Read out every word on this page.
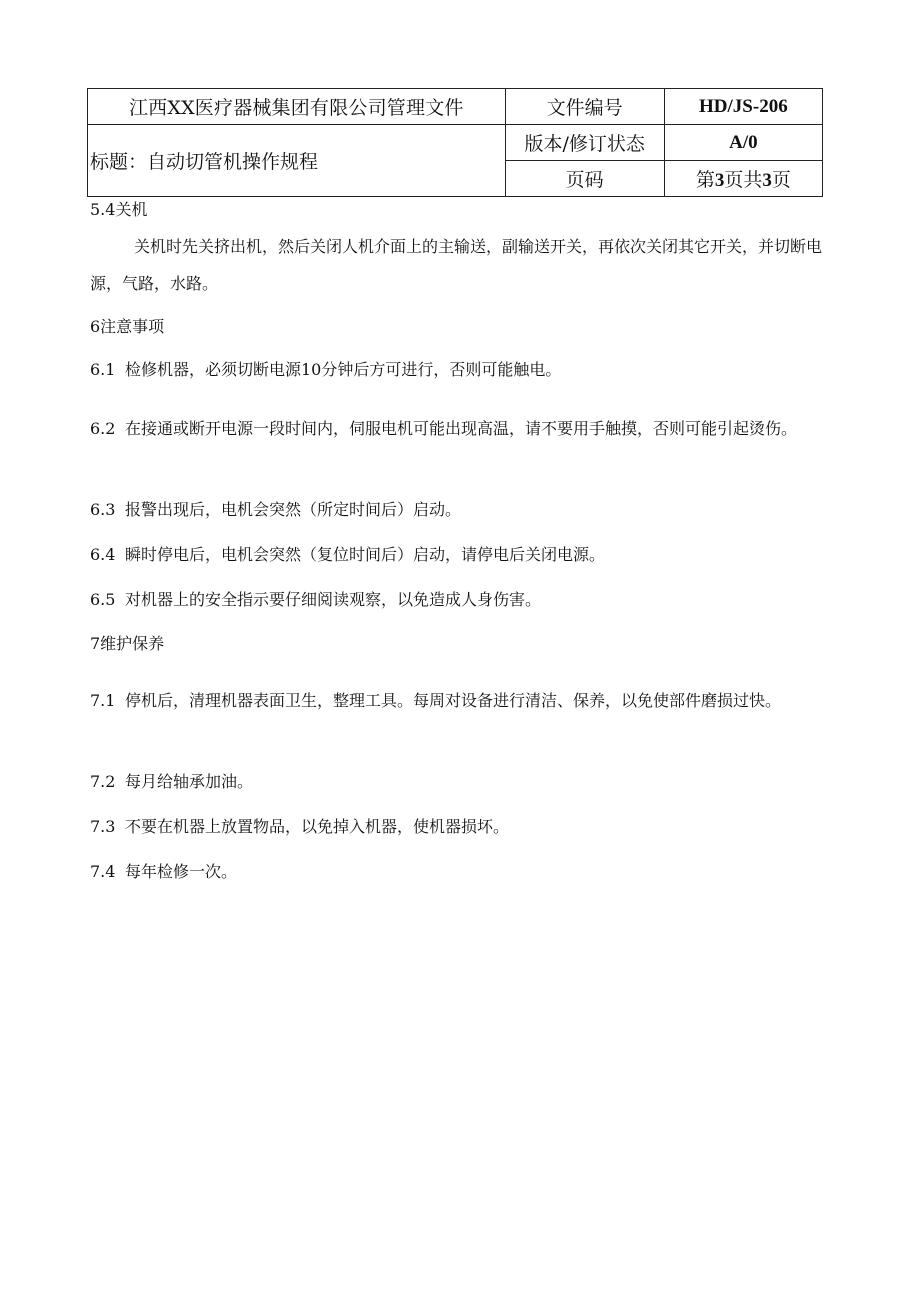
江西XX医疗器械集团有限公司管理文件	文件编号	HD/JS-206
标题：自动切管机操作规程	版本/修订状态	A/0
	页码	第3页共3页

5.4关机

关机时先关挤出机，然后关闭人机介面上的主输送，副输送开关，再依次关闭其它开关，并切断电源，气路，水路。

6注意事项

6.1 检修机器，必须切断电源10分钟后方可进行，否则可能触电。

6.2 在接通或断开电源一段时间内，伺服电机可能出现高温，请不要用手触摸，否则可能引起烫伤。

6.3 报警出现后，电机会突然（所定时间后）启动。

6.4 瞬时停电后，电机会突然（复位时间后）启动，请停电后关闭电源。

6.5 对机器上的安全指示要仔细阅读观察，以免造成人身伤害。

7维护保养

7.1 停机后，清理机器表面卫生，整理工具。每周对设备进行清洁、保养，以免使部件磨损过快。

7.2 每月给轴承加油。

7.3 不要在机器上放置物品，以免掉入机器，使机器损坏。

7.4 每年检修一次。
